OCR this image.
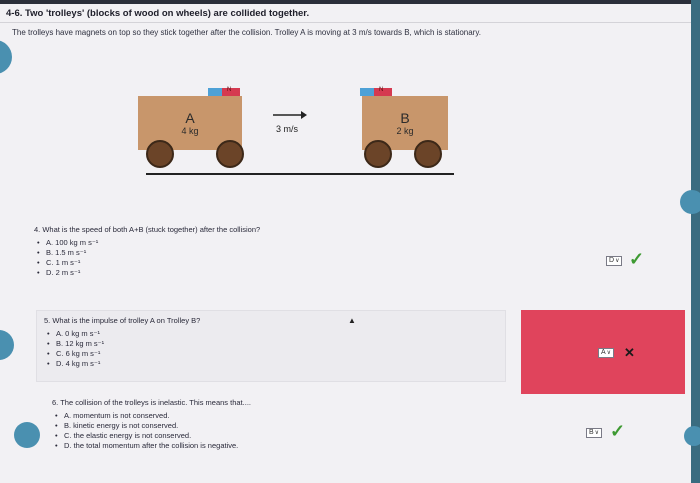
4-6. Two 'trolleys' (blocks of wood on wheels) are collided together.
The trolleys have magnets on top so they stick together after the collision. Trolley A is moving at 3 m/s towards B, which is stationary.
N
A
4 kg	3 m/s
N
B
2 kg
4. What is the speed of both A+B (stuck together) after the collision?
• A. 100 kg m s⁻¹
• B. 1.5 m s⁻¹
• C. 1 m s⁻¹
• D. 2 m s⁻¹
D ∨ ✓
5. What is the impulse of trolley A on Trolley B?
• A. 0 kg m s⁻¹
• B. 12 kg m s⁻¹
• C. 6 kg m s⁻¹
• D. 4 kg m s⁻¹
▲
A ∨ ✕
6. The collision of the trolleys is inelastic. This means that....
• A. momentum is not conserved.
• B. kinetic energy is not conserved.
• C. the elastic energy is not conserved.
• D. the total momentum after the collision is negative.
B ∨ ✓
